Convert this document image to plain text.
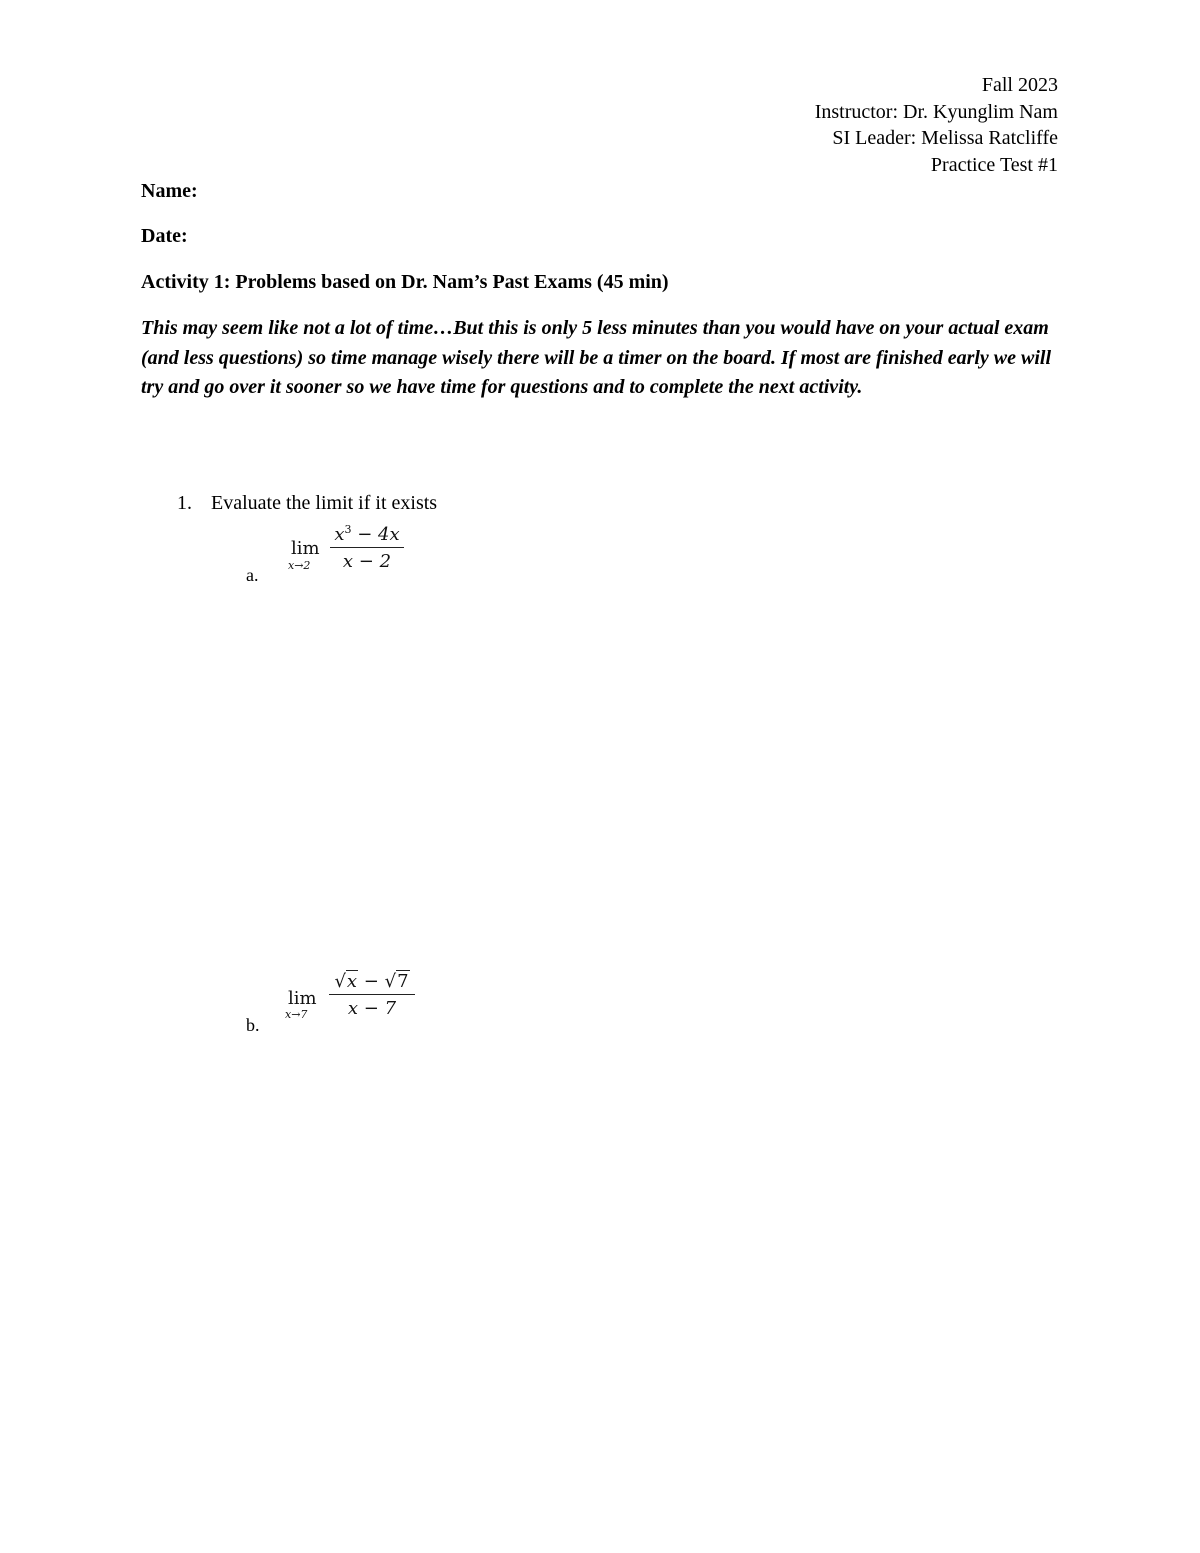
Fall 2023
Instructor: Dr. Kyunglim Nam
SI Leader: Melissa Ratcliffe
Practice Test #1
Name:
Date:
Activity 1: Problems based on Dr. Nam’s Past Exams (45 min)
This may seem like not a lot of time…But this is only 5 less minutes than you would have on your actual exam (and less questions) so time manage wisely there will be a timer on the board. If most are finished early we will try and go over it sooner so we have time for questions and to complete the next activity.
1. Evaluate the limit if it exists
a.
lim
x→2
$x^3 - 4x$
x − 2
b.
lim
x→7
√x − √7
x − 7
